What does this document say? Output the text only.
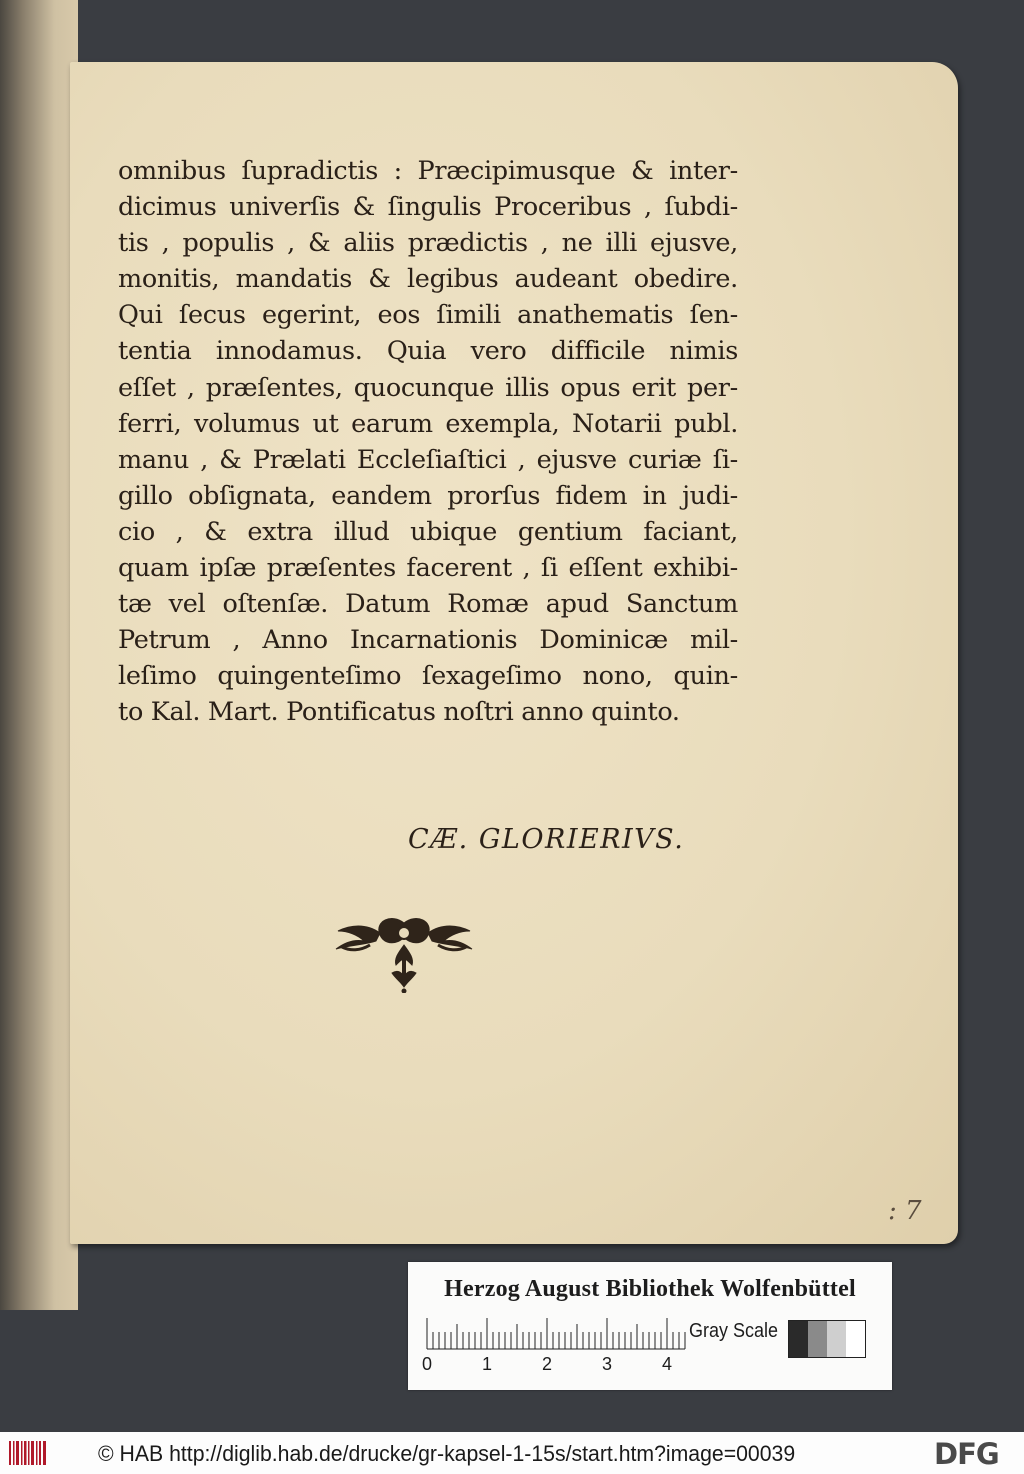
omnibus ſupradictis : Præcipimusque & inter-
dicimus univerſis & ſingulis Proceribus , ſubdi-
tis , populis , & aliis prædictis , ne illi ejusve,
monitis, mandatis & legibus audeant obedire.
Qui ſecus egerint, eos ſimili anathematis ſen-
tentia innodamus. Quia vero difficile nimis
eſſet , præſentes, quocunque illis opus erit per-
ferri, volumus ut earum exempla, Notarii publ.
manu , & Prælati Eccleſiaſtici , ejusve curiæ ſi-
gillo obſignata, eandem prorſus fidem in judi-
cio , & extra illud ubique gentium faciant,
quam ipſæ præſentes facerent , ſi eſſent exhibi-
tæ vel oſtenſæ. Datum Romæ apud Sanctum
Petrum , Anno Incarnationis Dominicæ mil-
leſimo quingenteſimo ſexageſimo nono, quin-
to Kal. Mart. Pontificatus noſtri anno quinto.
CÆ. GLORIERIVS.
: 7
Herzog August Bibliothek Wolfenbüttel
0	1	2	3	4
Gray Scale
© HAB http://diglib.hab.de/drucke/gr-kapsel-1-15s/start.htm?image=00039	DFG
